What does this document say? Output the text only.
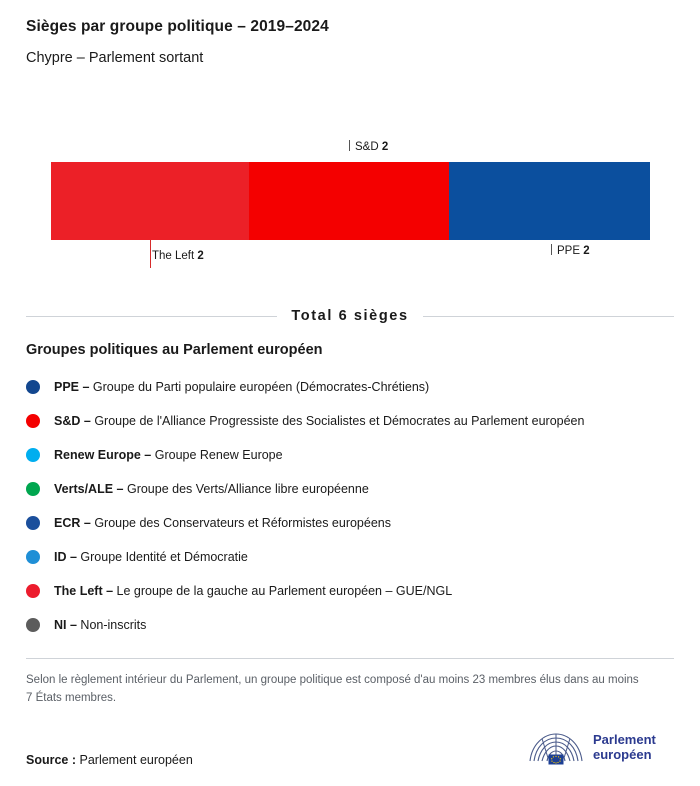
Sièges par groupe politique – 2019–2024
Chypre – Parlement sortant
S&D 2
PPE 2
The Left 2
Total 6 sièges
Groupes politiques au Parlement européen
PPE – Groupe du Parti populaire européen (Démocrates-Chrétiens)
S&D – Groupe de l'Alliance Progressiste des Socialistes et Démocrates au Parlement européen
Renew Europe – Groupe Renew Europe
Verts/ALE – Groupe des Verts/Alliance libre européenne
ECR – Groupe des Conservateurs et Réformistes européens
ID – Groupe Identité et Démocratie
The Left – Le groupe de la gauche au Parlement européen – GUE/NGL
NI – Non-inscrits
Selon le règlement intérieur du Parlement, un groupe politique est composé d'au moins 23 membres élus dans au moins 7 États membres.
Source : Parlement européen
Parlement
européen
